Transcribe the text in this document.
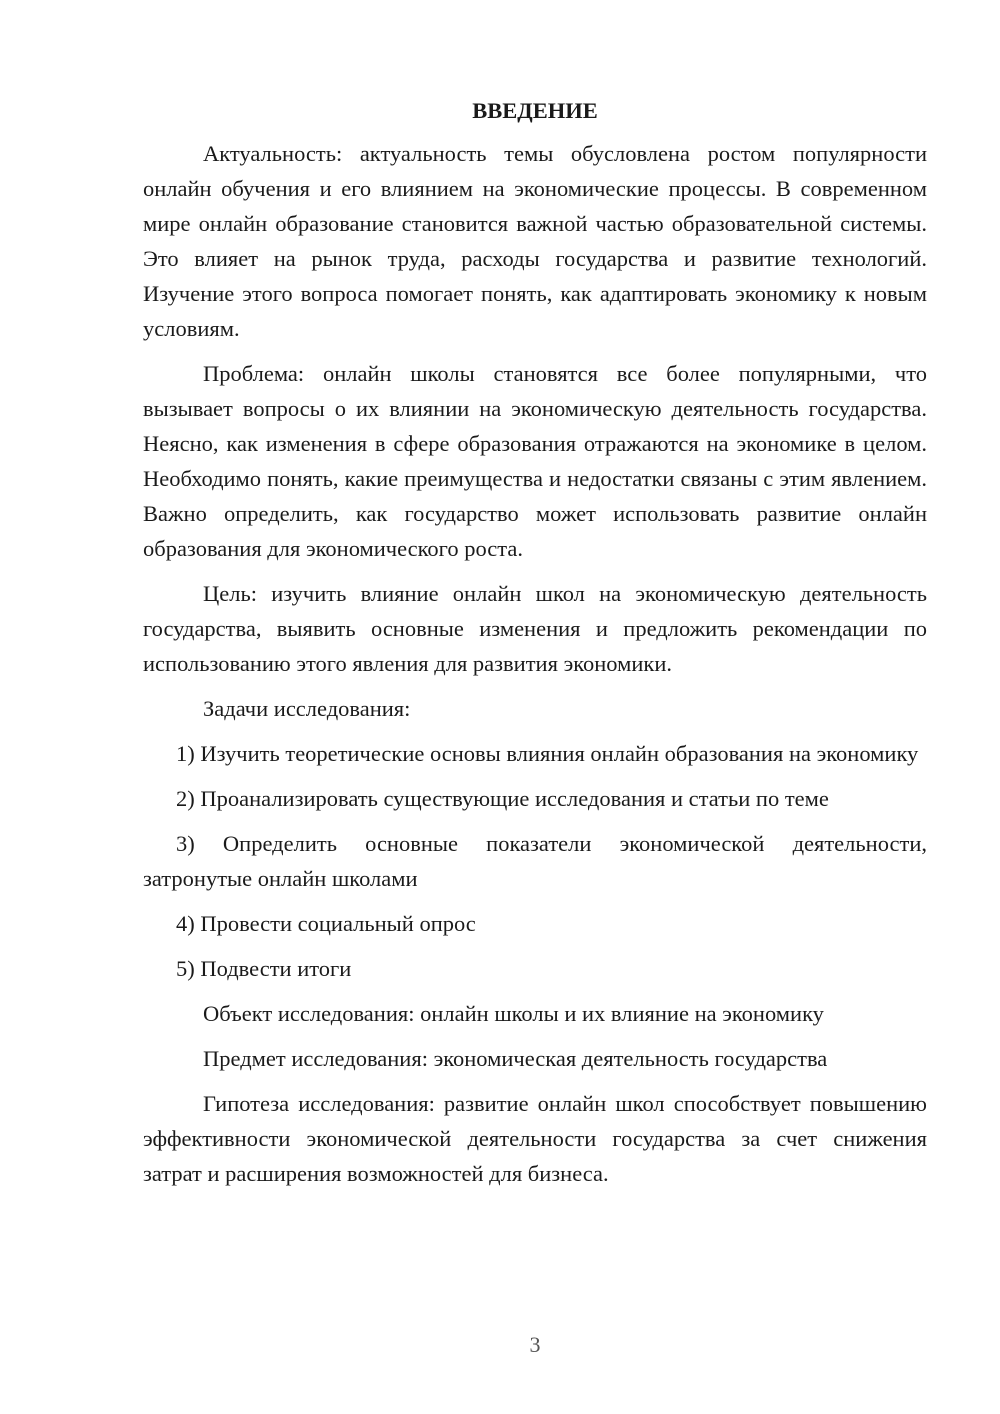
ВВЕДЕНИЕ

Актуальность: актуальность темы обусловлена ростом популярности онлайн обучения и его влиянием на экономические процессы. В современном мире онлайн образование становится важной частью образовательной системы. Это влияет на рынок труда, расходы государства и развитие технологий. Изучение этого вопроса помогает понять, как адаптировать экономику к новым условиям.

Проблема: онлайн школы становятся все более популярными, что вызывает вопросы о их влиянии на экономическую деятельность государства. Неясно, как изменения в сфере образования отражаются на экономике в целом. Необходимо понять, какие преимущества и недостатки связаны с этим явлением. Важно определить, как государство может использовать развитие онлайн образования для экономического роста.

Цель: изучить влияние онлайн школ на экономическую деятельность государства, выявить основные изменения и предложить рекомендации по использованию этого явления для развития экономики.

Задачи исследования:

1) Изучить теоретические основы влияния онлайн образования на экономику

2) Проанализировать существующие исследования и статьи по теме

3) Определить основные показатели экономической деятельности, затронутые онлайн школами

4) Провести социальный опрос

5) Подвести итоги

Объект исследования: онлайн школы и их влияние на экономику

Предмет исследования: экономическая деятельность государства

Гипотеза исследования: развитие онлайн школ способствует повышению эффективности экономической деятельности государства за счет снижения затрат и расширения возможностей для бизнеса.

3
